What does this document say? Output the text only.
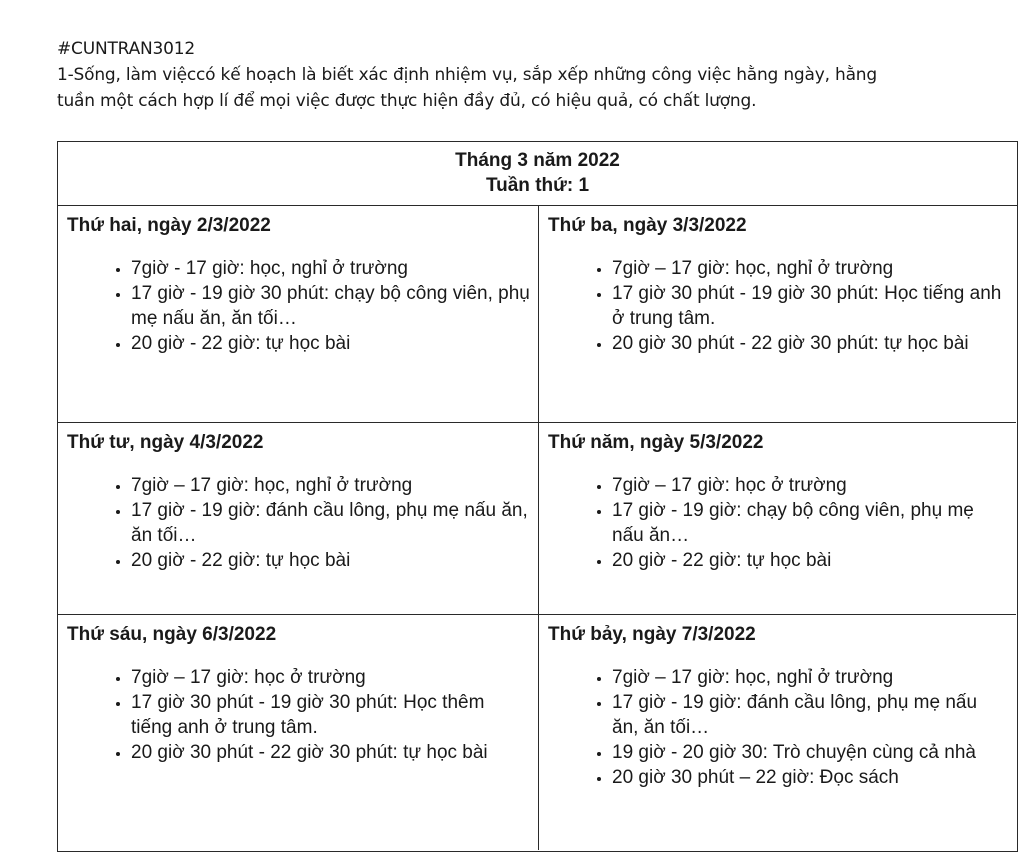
#CUNTRAN3012
1-Sống, làm việccó kế hoạch là biết xác định nhiệm vụ, sắp xếp những công việc hằng ngày, hằng
tuần một cách hợp lí để mọi việc được thực hiện đầy đủ, có hiệu quả, có chất lượng.
Tháng 3 năm 2022
Tuần thứ: 1
Thứ hai, ngày 2/3/2022
• 7giờ - 17 giờ: học, nghỉ ở trường
• 17 giờ - 19 giờ 30 phút: chạy bộ công viên, phụ mẹ nấu ăn, ăn tối…
• 20 giờ - 22 giờ: tự học bài
Thứ ba, ngày 3/3/2022
• 7giờ – 17 giờ: học, nghỉ ở trường
• 17 giờ 30 phút - 19 giờ 30 phút: Học tiếng anh ở trung tâm.
• 20 giờ 30 phút - 22 giờ 30 phút: tự học bài
Thứ tư, ngày 4/3/2022
• 7giờ – 17 giờ: học, nghỉ ở trường
• 17 giờ - 19 giờ: đánh cầu lông, phụ mẹ nấu ăn, ăn tối…
• 20 giờ - 22 giờ: tự học bài
Thứ năm, ngày 5/3/2022
• 7giờ – 17 giờ: học ở trường
• 17 giờ - 19 giờ: chạy bộ công viên, phụ mẹ nấu ăn…
• 20 giờ - 22 giờ: tự học bài
Thứ sáu, ngày 6/3/2022
• 7giờ – 17 giờ: học ở trường
• 17 giờ 30 phút - 19 giờ 30 phút: Học thêm tiếng anh ở trung tâm.
• 20 giờ 30 phút - 22 giờ 30 phút: tự học bài
Thứ bảy, ngày 7/3/2022
• 7giờ – 17 giờ: học, nghỉ ở trường
• 17 giờ - 19 giờ: đánh cầu lông, phụ mẹ nấu ăn, ăn tối…
• 19 giờ - 20 giờ 30: Trò chuyện cùng cả nhà
• 20 giờ 30 phút – 22 giờ: Đọc sách
